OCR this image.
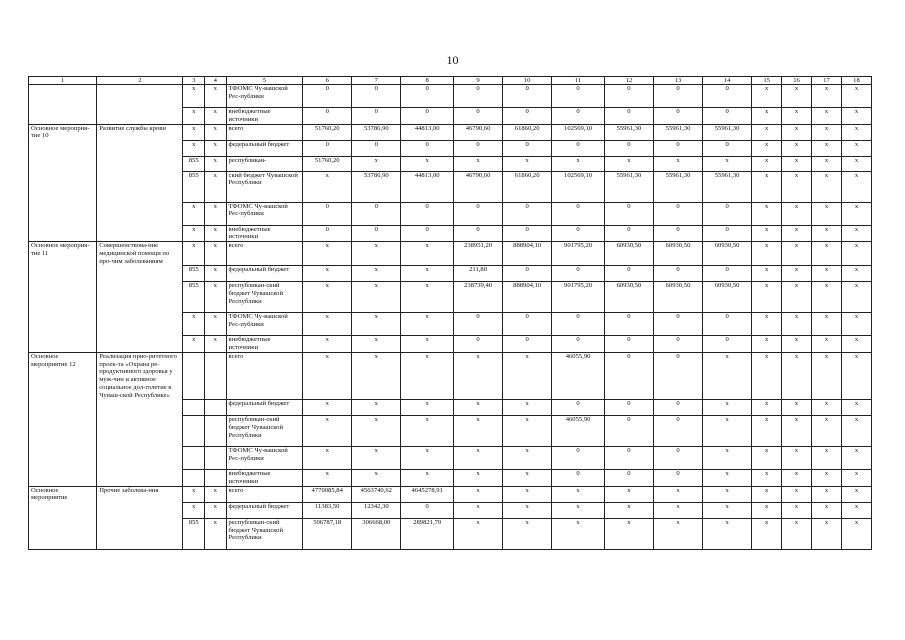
10
1	2	3	4	5	6	7	8	9	10	11	12	13	14	15	16	17	18
		x	x	ТФОМС Чу-вашской Рес-публики	0	0	0	0	0	0	0	0	0	x	x	x	x
		x	x	внебюджетные источники	0	0	0	0	0	0	0	0	0	x	x	x	x
Основное мероприя-тие 10	Развитие службы крови	x	x	всего	51760,20	53786,90	44813,00	46790,60	61860,20	102569,10	55961,30	55961,30	55961,30	x	x	x	x
		x	x	федеральный бюджет	0	0	0	0	0	0	0	0	0	x	x	x	x
		855	x	республикан-	51760,20	x	x	x	x	x	x	x	x	x	x	x	x
		855	x	ский бюджет Чувашской Республики	x	53786,90	44813,00	46790,60	61860,20	102569,10	55961,30	55961,30	55961,30	x	x	x	x
		x	x	ТФОМС Чу-вашской Рес-публики	0	0	0	0	0	0	0	0	0	x	x	x	x
		x	x	внебюджетные источники	0	0	0	0	0	0	0	0	0	x	x	x	x
Основное мероприя-тие 11	Совершенствова-ние медицинской помощи по про-чим заболеваниям	x	x	всего	x	x	x	238951,20	888904,10	901795,20	60930,50	60930,50	60930,50	x	x	x	x
		855	x	федеральный бюджет	x	x	x	211,80	0	0	0	0	0	x	x	x	x
		855	x	республикан-ский бюджет Чувашской Республики	x	x	x	238739,40	888904,10	901795,20	60930,50	60930,50	60930,50	x	x	x	x
		x	x	ТФОМС Чу-вашской Рес-публики	x	x	x	0	0	0	0	0	0	x	x	x	x
		x	x	внебюджетные источники	x	x	x	0	0	0	0	0	0	x	x	x	x
Основное мероприятие 12	Реализация прио-ритетного проек-та «Охрана ре-продуктивного здоровья у муж-чин и активное социальное дол-голетие в Чуваш-ской Республике»			всего	x	x	x	x	x	46055,90	0	0	x	x	x	x	x
				федеральный бюджет	x	x	x	x	x	0	0	0	x	x	x	x	x
				республикан-ский бюджет Чувашской Республики	x	x	x	x	x	46055,90	0	0	x	x	x	x	x
				ТФОМС Чу-вашской Рес-публики	x	x	x	x	x	0	0	0	x	x	x	x	x
				внебюджетные источники	x	x	x	x	x	0	0	0	x	x	x	x	x
Основное мероприятие	Прочие заболева-ния	x	x	всего	4770085,84	4563740,62	4645278,91	x	x	x	x	x	x	x	x	x	x
		x	x	федеральный бюджет	11383,50	12342,30	0	x	x	x	x	x	x	x	x	x	x
		855	x	республикан-ский бюджет Чувашской Республики	506787,18	306668,00	289821,70	x	x	x	x	x	x	x	x	x	x
